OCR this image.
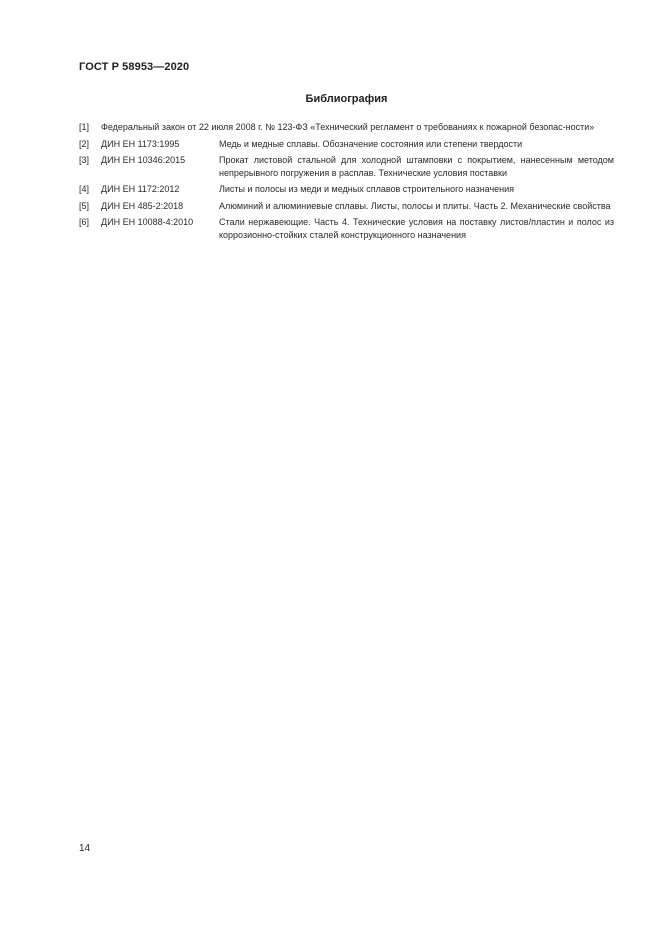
ГОСТ Р 58953—2020
Библиография
[1] Федеральный закон от 22 июля 2008 г. № 123-ФЗ «Технический регламент о требованиях к пожарной безопас-ности»
[2] ДИН ЕН 1173:1995	Медь и медные сплавы. Обозначение состояния или степени твердости
[3] ДИН ЕН 10346:2015	Прокат листовой стальной для холодной штамповки с покрытием, нанесенным методом непрерывного погружения в расплав. Технические условия поставки
[4] ДИН ЕН 1172:2012	Листы и полосы из меди и медных сплавов строительного назначения
[5] ДИН ЕН 485-2:2018	Алюминий и алюминиевые сплавы. Листы, полосы и плиты. Часть 2. Механические свойства
[6] ДИН ЕН 10088-4:2010	Стали нержавеющие. Часть 4. Технические условия на поставку листов/пластин и полос из коррозионно-стойких сталей конструкционного назначения
14
